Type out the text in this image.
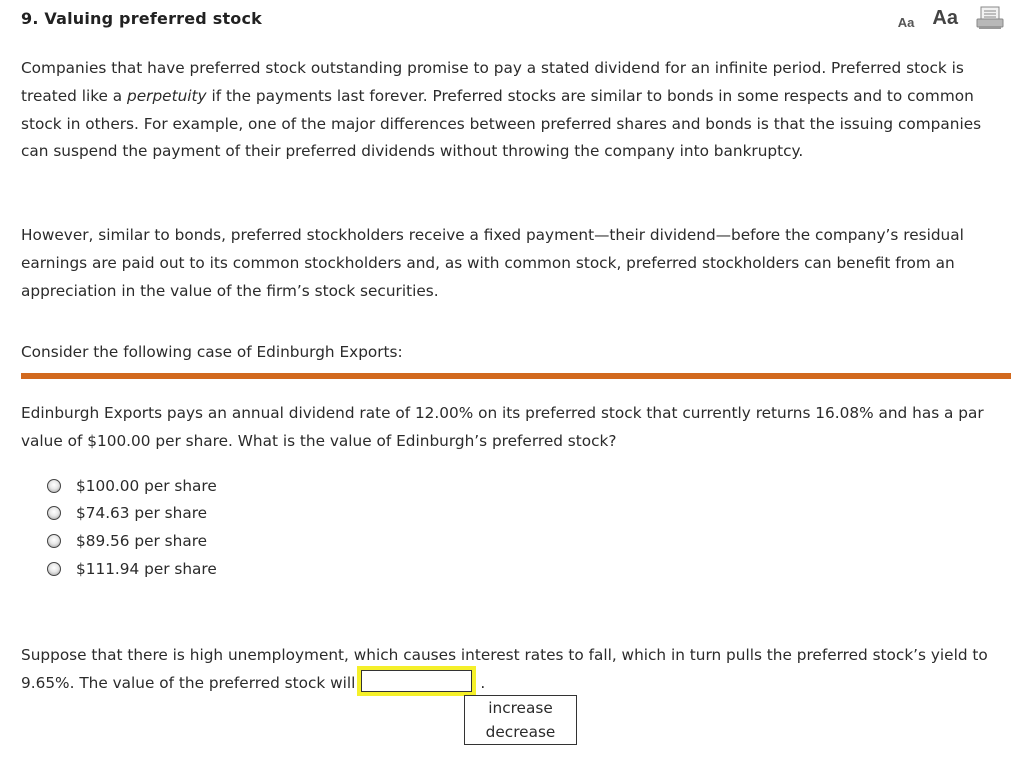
9. Valuing preferred stock	Aa Aa
Companies that have preferred stock outstanding promise to pay a stated dividend for an infinite period. Preferred stock is treated like a perpetuity if the payments last forever. Preferred stocks are similar to bonds in some respects and to common stock in others. For example, one of the major differences between preferred shares and bonds is that the issuing companies can suspend the payment of their preferred dividends without throwing the company into bankruptcy.
However, similar to bonds, preferred stockholders receive a fixed payment—their dividend—before the company’s residual earnings are paid out to its common stockholders and, as with common stock, preferred stockholders can benefit from an appreciation in the value of the firm’s stock securities.
Consider the following case of Edinburgh Exports:
Edinburgh Exports pays an annual dividend rate of 12.00% on its preferred stock that currently returns 16.08% and has a par value of $100.00 per share. What is the value of Edinburgh’s preferred stock?
$100.00 per share
$74.63 per share
$89.56 per share
$111.94 per share
Suppose that there is high unemployment, which causes interest rates to fall, which in turn pulls the preferred stock’s yield to 9.65%. The value of the preferred stock will	.
increase
decrease
